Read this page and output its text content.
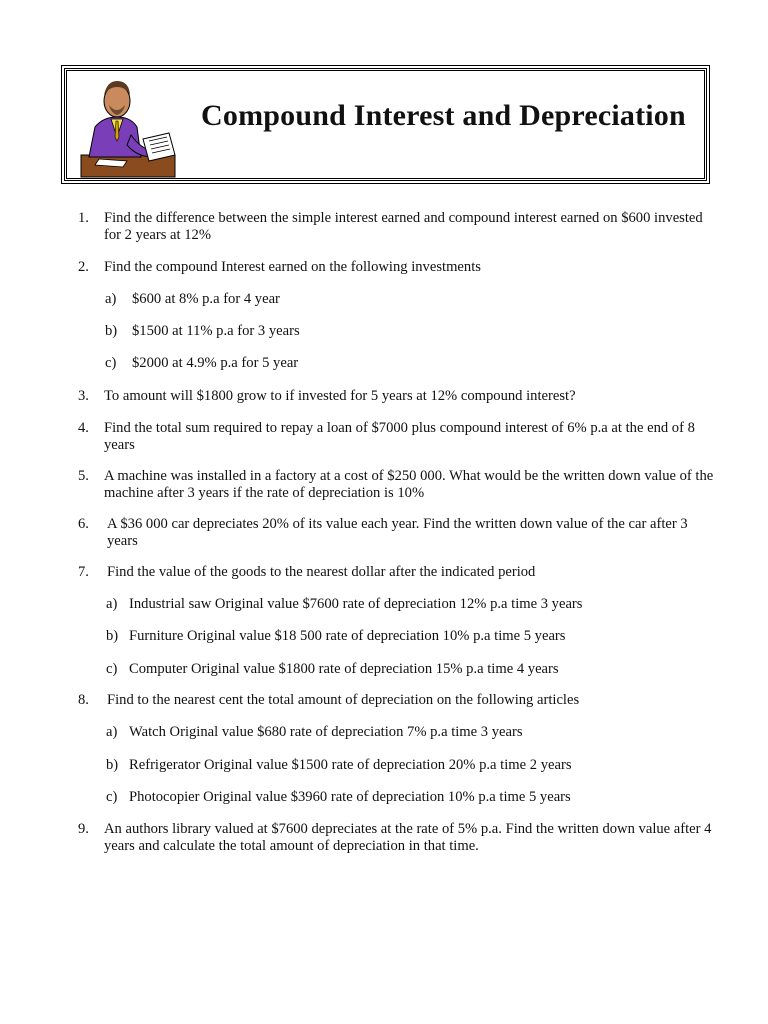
Compound Interest and Depreciation
1. Find the difference between the simple interest earned and compound interest earned on $600 invested for 2 years at 12%
2. Find the compound Interest earned on the following investments
a) $600 at 8% p.a for 4 year
b) $1500 at 11% p.a for 3 years
c) $2000 at 4.9% p.a for 5 year
3. To amount will $1800 grow to if invested for 5 years at 12% compound interest?
4. Find the total sum required to repay a loan of $7000 plus compound interest of 6% p.a at the end of 8 years
5. A machine was installed in a factory at a cost of $250 000. What would be the written down value of the machine after 3 years if the rate of depreciation is 10%
6. A $36 000 car depreciates 20% of its value each year. Find the written down value of the car after 3 years
7. Find the value of the goods to the nearest dollar after the indicated period
a) Industrial saw Original value $7600 rate of depreciation 12% p.a time 3 years
b) Furniture Original value $18 500 rate of depreciation 10% p.a time 5 years
c) Computer Original value $1800 rate of depreciation 15% p.a time 4 years
8. Find to the nearest cent the total amount of depreciation on the following articles
a) Watch Original value $680 rate of depreciation 7% p.a time 3 years
b) Refrigerator Original value $1500 rate of depreciation 20% p.a time 2 years
c) Photocopier Original value $3960 rate of depreciation 10% p.a time 5 years
9. An authors library valued at $7600 depreciates at the rate of 5% p.a. Find the written down value after 4 years and calculate the total amount of depreciation in that time.
